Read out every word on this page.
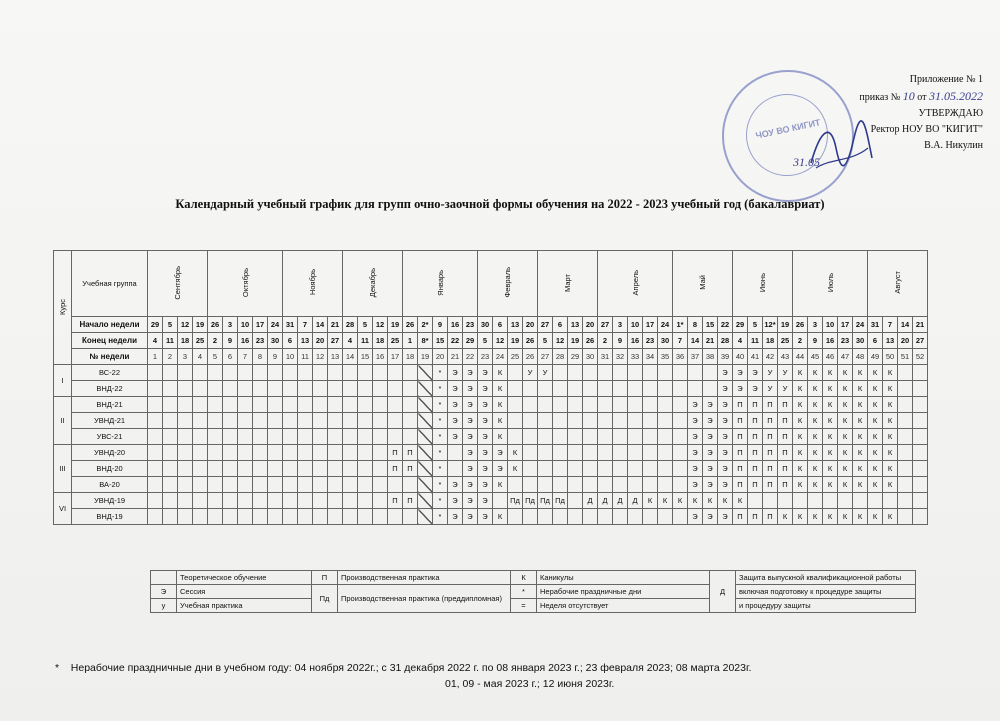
ЧОУ ВО КИГИТ
Приложение № 1
приказ № 10 от 31.05.2022
УТВЕРЖДАЮ
Ректор НОУ ВО "КИГИТ"
В.А. Никулин
31.05.
Календарный учебный график для групп очно-заочной формы обучения на 2022 - 2023 учебный год (бакалавриат)
Курс	Учебная группа	Сентябрь				Октябрь					Ноябрь				Декабрь				Январь					Февраль				Март				Апрель					Май				Июнь				Июль					Август			
	Начало недели	29	5	12	19	26	3	10	17	24	31	7	14	21	28	5	12	19	26	2*	9	16	23	30	6	13	20	27	6	13	20	27	3	10	17	24	1*	8	15	22	29	5	12*	19	26	3	10	17	24	31	7	14	21
	Конец недели	4	11	18	25	2	9	16	23	30	6	13	20	27	4	11	18	25	1	8*	15	22	29	5	12	19	26	5	12	19	26	2	9	16	23	30	7	14	21	28	4	11	18	25	2	9	16	23	30	6	13	20	27
	№ недели	1	2	3	4	5	6	7	8	9	10	11	12	13	14	15	16	17	18	19	20	21	22	23	24	25	26	27	28	29	30	31	32	33	34	35	36	37	38	39	40	41	42	43	44	45	46	47	48	49	50	51	52
I	ВС-22																				*	Э	Э	Э	К		У	У												Э	Э	Э	У	У	К	К	К	К	К	К	К		
	ВНД-22																				*	Э	Э	Э	К															Э	Э	Э	У	У	К	К	К	К	К	К	К		
II	ВНД-21																				*	Э	Э	Э	К													Э	Э	Э	П	П	П	П	К	К	К	К	К	К	К		
	УВНД-21																				*	Э	Э	Э	К													Э	Э	Э	П	П	П	П	К	К	К	К	К	К	К		
	УВС-21																				*	Э	Э	Э	К													Э	Э	Э	П	П	П	П	К	К	К	К	К	К	К		
III	УВНД-20																	П	П		*		Э	Э	Э	К												Э	Э	Э	П	П	П	П	К	К	К	К	К	К	К		
	ВНД-20																	П	П		*		Э	Э	Э	К												Э	Э	Э	П	П	П	П	К	К	К	К	К	К	К		
	ВА-20																				*	Э	Э	Э	К													Э	Э	Э	П	П	П	П	К	К	К	К	К	К	К		
VI	УВНД-19																	П	П		*	Э	Э	Э		Пд	Пд	Пд	Пд		Д	Д	Д	Д	К	К	К	К	К	К	К												
	ВНД-19																				*	Э	Э	Э	К													Э	Э	Э	П	П	П	К	К	К	К	К	К	К	К		
	Теоретическое обучение	П	Производственная практика	К	Каникулы	Д	Защита выпускной квалификационной работы
Э	Сессия	Пд	Производственная практика (преддипломная)	*	Нерабочие праздничные дни		включая подготовку к процедуре защиты
у	Учебная практика			=	Неделя отсутствует		и процедуру защиты
* Нерабочие праздничные дни в учебном году: 04 ноября 2022г.; с 31 декабря 2022 г. по 08 января 2023 г.; 23 февраля 2023; 08 марта 2023г.
01, 09 - мая 2023 г.; 12 июня 2023г.
